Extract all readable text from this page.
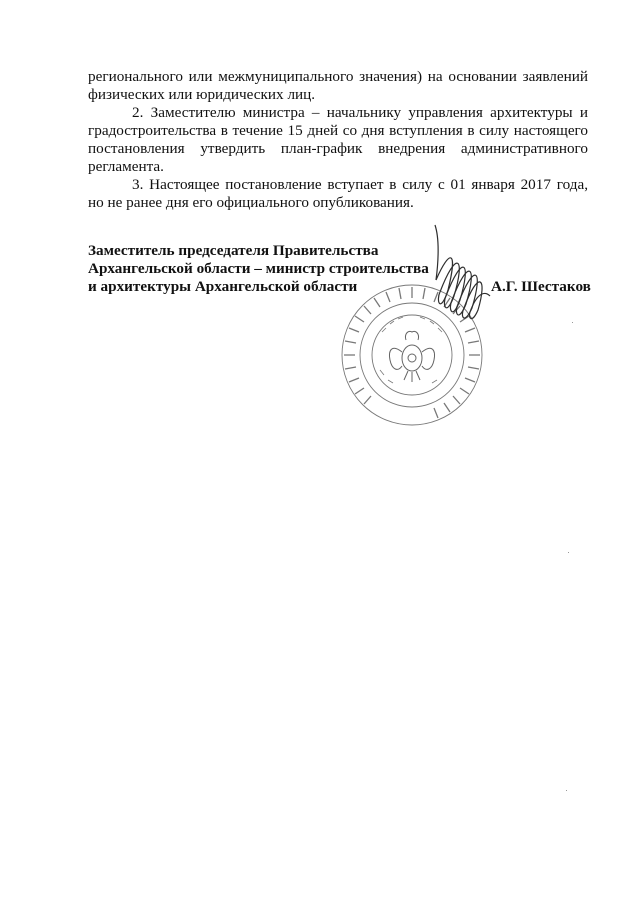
регионального или межмуниципального значения) на основании заявлений
физических или юридических лиц.
2. Заместителю министра – начальнику управления архитектуры и
градостроительства в течение 15 дней со дня вступления в силу настоящего
постановления утвердить план-график внедрения административного
регламента.
3. Настоящее постановление вступает в силу с 01 января 2017 года,
но не ранее дня его официального опубликования.
Заместитель председателя Правительства
Архангельской области – министр строительства
и архитектуры Архангельской области	А.Г. Шестаков
